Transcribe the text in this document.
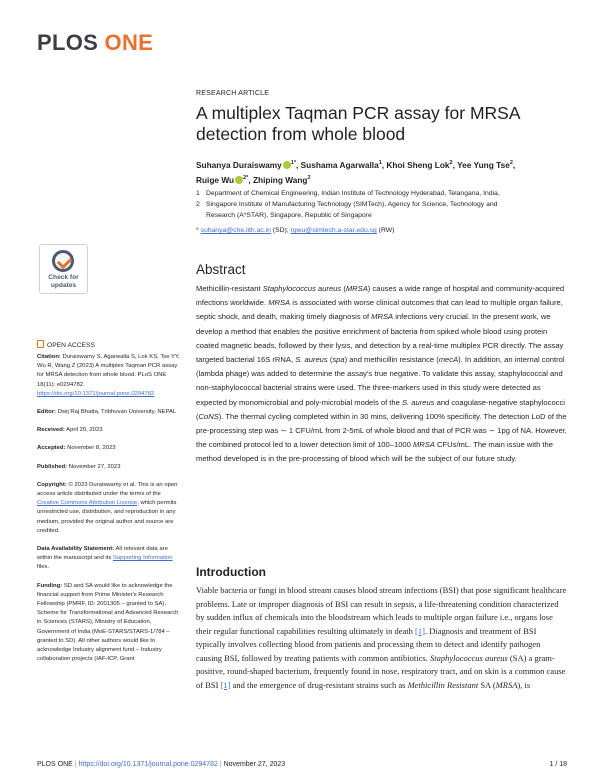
PLOS ONE
RESEARCH ARTICLE
A multiplex Taqman PCR assay for MRSA detection from whole blood
Suhanya Duraiswamy $^{1*}$, Sushama Agarwalla$^1$, Khoi Sheng Lok$^2$, Yee Yung Tse$^2$,
Ruige Wu $^{2*}$, Zhiping Wang$^2$
1 Department of Chemical Engineering, Indian Institute of Technology Hyderabad, Telangana, India,
2 Singapore Institute of Manufacturing Technology (SIMTech), Agency for Science, Technology and
Research (A*STAR), Singapore, Republic of Singapore
* suhanya@che.iith.ac.in (SD); rgwu@simtech.a-star.edu.sg (RW)
Check for
updates
OPEN ACCESS

Citation: Duraiswamy S, Agarwalla S, Lok KS, Tse YY, Wu R, Wang Z (2023) A multiplex Taqman PCR assay for MRSA detection from whole blood. PLoS ONE 18(11): e0294782. https://doi.org/10.1371/journal.pone.0294782

Editor: Dwij Raj Bhatta, Tribhuvan University, NEPAL

Received: April 20, 2023

Accepted: November 8, 2023

Published: November 27, 2023

Copyright: © 2023 Duraiswamy et al. This is an open access article distributed under the terms of the Creative Commons Attribution License, which permits unrestricted use, distribution, and reproduction in any medium, provided the original author and source are credited.

Data Availability Statement: All relevant data are within the manuscript and its Supporting Information files.

Funding: SD and SA would like to acknowledge the financial support from Prime Minister's Research Fellowship (PMRF, ID: 2001305 – granted to SA), Scheme for Transformational and Advanced Research in Sciences (STARS), Ministry of Education, Government of India (MoE-STARS/STARS-1/784 – granted to SD). All other authors would like to acknowledge Industry alignment fund – Industry collaboration projects (IAF-ICP, Grant

Abstract
Methicillin-resistant Staphylococcus aureus (MRSA) causes a wide range of hospital and community-acquired infections worldwide. MRSA is associated with worse clinical outcomes that can lead to multiple organ failure, septic shock, and death, making timely diagnosis of MRSA infections very crucial. In the present work, we develop a method that enables the positive enrichment of bacteria from spiked whole blood using protein coated magnetic beads, followed by their lysis, and detection by a real-time multiplex PCR directly. The assay targeted bacterial 16S rRNA, S. aureus (spa) and methicillin resistance (mecA). In addition, an internal control (lambda phage) was added to determine the assay's true negative. To validate this assay, staphylococcal and non-staphylococcal bacterial strains were used. The three-markers used in this study were detected as expected by monomicrobial and poly-microbial models of the S. aureus and coagulase-negative staphylococci (CoNS). The thermal cycling completed within in 30 mins, delivering 100% specificity. The detection LoD of the pre-processing step was ∼ 1 CFU/mL from 2-5mL of whole blood and that of PCR was ∼ 1pg of NA. However, the combined protocol led to a lower detection limit of 100–1000 MRSA CFUs/mL. The main issue with the method developed is in the pre-processing of blood which will be the subject of our future study.
Introduction
Viable bacteria or fungi in blood stream causes blood stream infections (BSI) that pose significant healthcare problems. Late or improper diagnosis of BSI can result in sepsis, a life-threatening condition characterized by sudden influx of chemicals into the bloodstream which leads to multiple organ failure i.e., organs lose their regular functional capabilities resulting ultimately in death [1]. Diagnosis and treatment of BSI typically involves collecting blood from patients and processing them to detect and identify pathogen causing BSI, followed by treating patients with common antibiotics. Staphylococcus aureus (SA) a gram-positive, round-shaped bacterium, frequently found in nose, respiratory tract, and on skin is a common cause of BSI [1] and the emergence of drug-resistant strains such as Methicillin Resistant SA (MRSA), is
PLOS ONE | https://doi.org/10.1371/journal.pone.0294782 | November 27, 2023	1 / 18
